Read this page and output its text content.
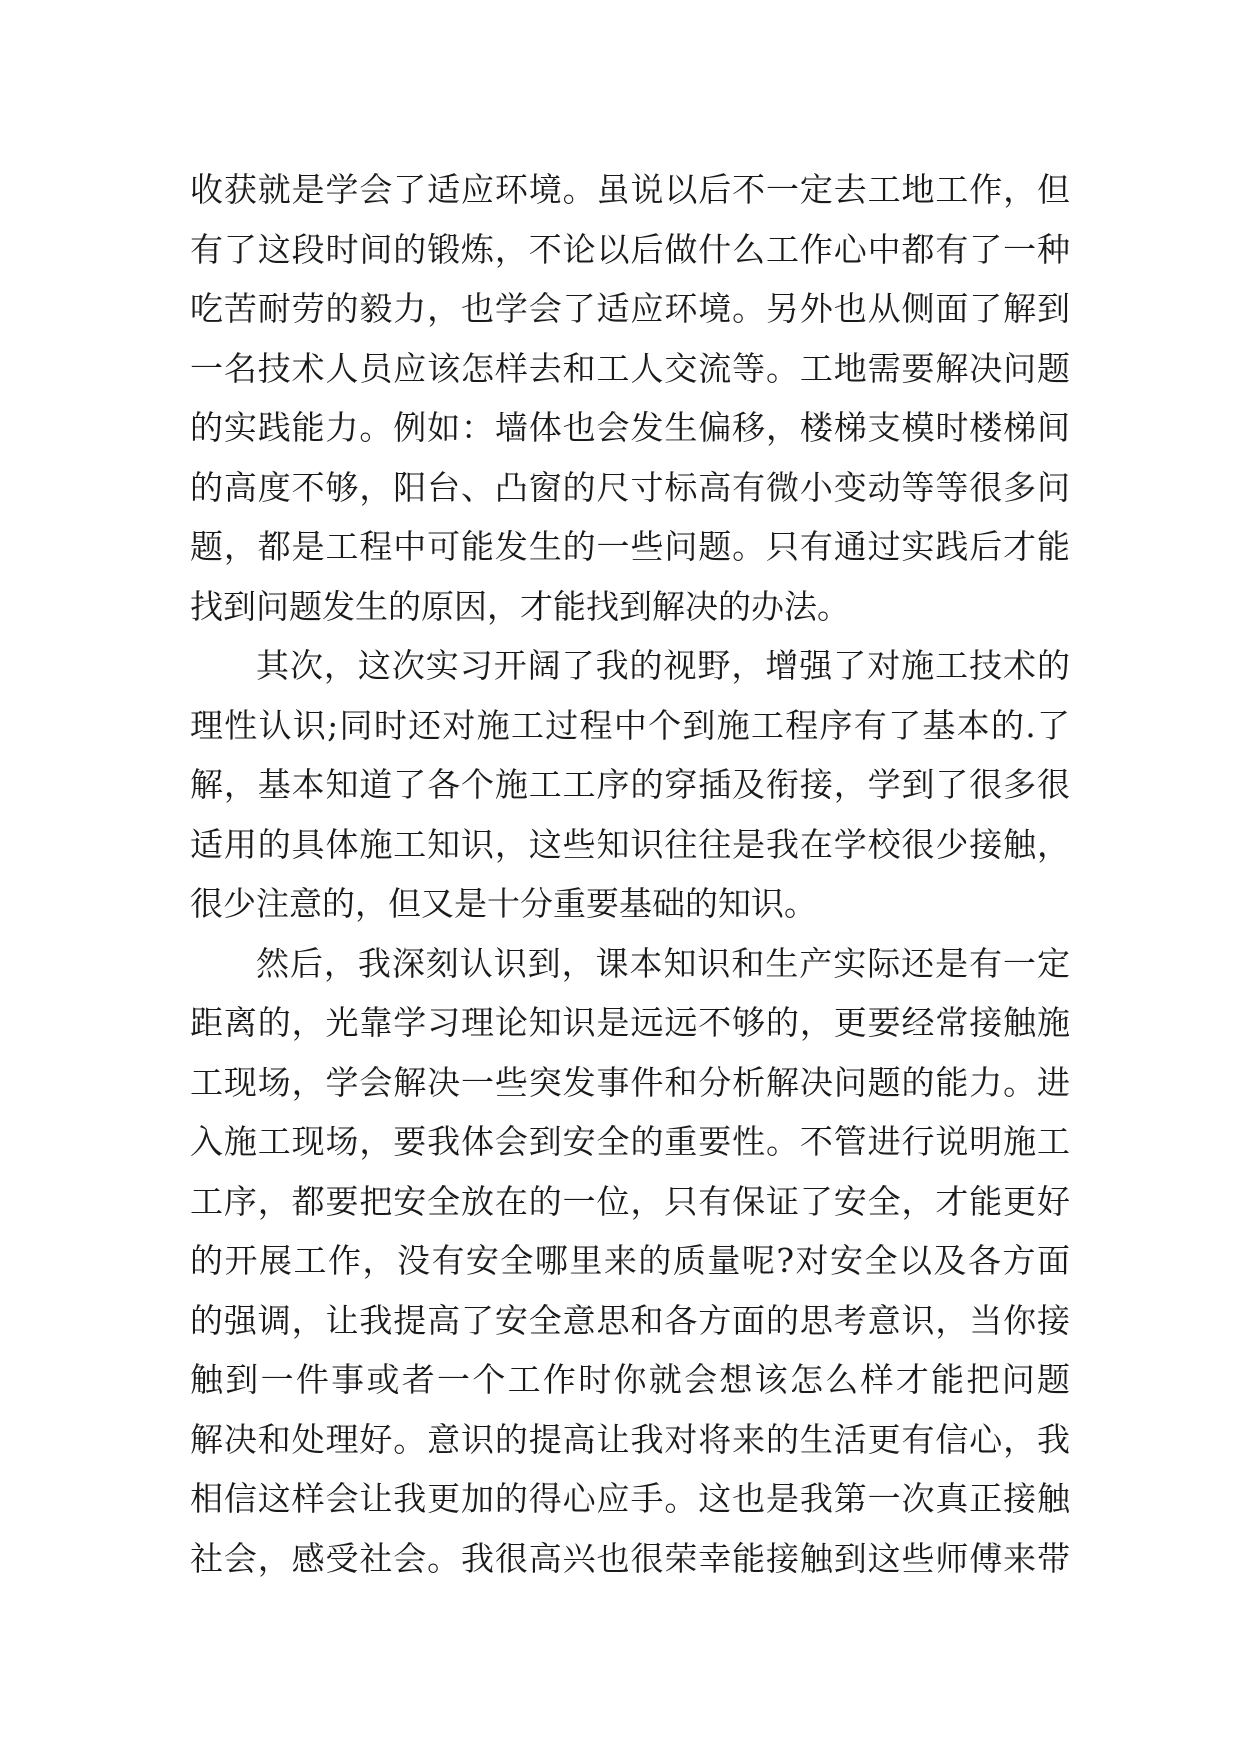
收获就是学会了适应环境。虽说以后不一定去工地工作，但
有了这段时间的锻炼，不论以后做什么工作心中都有了一种
吃苦耐劳的毅力，也学会了适应环境。另外也从侧面了解到
一名技术人员应该怎样去和工人交流等。工地需要解决问题
的实践能力。例如：墙体也会发生偏移，楼梯支模时楼梯间
的高度不够，阳台、凸窗的尺寸标高有微小变动等等很多问
题，都是工程中可能发生的一些问题。只有通过实践后才能
找到问题发生的原因，才能找到解决的办法。
其次，这次实习开阔了我的视野，增强了对施工技术的
理性认识;同时还对施工过程中个到施工程序有了基本的.了
解，基本知道了各个施工工序的穿插及衔接，学到了很多很
适用的具体施工知识，这些知识往往是我在学校很少接触，
很少注意的，但又是十分重要基础的知识。
然后，我深刻认识到，课本知识和生产实际还是有一定
距离的，光靠学习理论知识是远远不够的，更要经常接触施
工现场，学会解决一些突发事件和分析解决问题的能力。进
入施工现场，要我体会到安全的重要性。不管进行说明施工
工序，都要把安全放在的一位，只有保证了安全，才能更好
的开展工作，没有安全哪里来的质量呢?对安全以及各方面
的强调，让我提高了安全意思和各方面的思考意识，当你接
触到一件事或者一个工作时你就会想该怎么样才能把问题
解决和处理好。意识的提高让我对将来的生活更有信心，我
相信这样会让我更加的得心应手。这也是我第一次真正接触
社会，感受社会。我很高兴也很荣幸能接触到这些师傅来带
